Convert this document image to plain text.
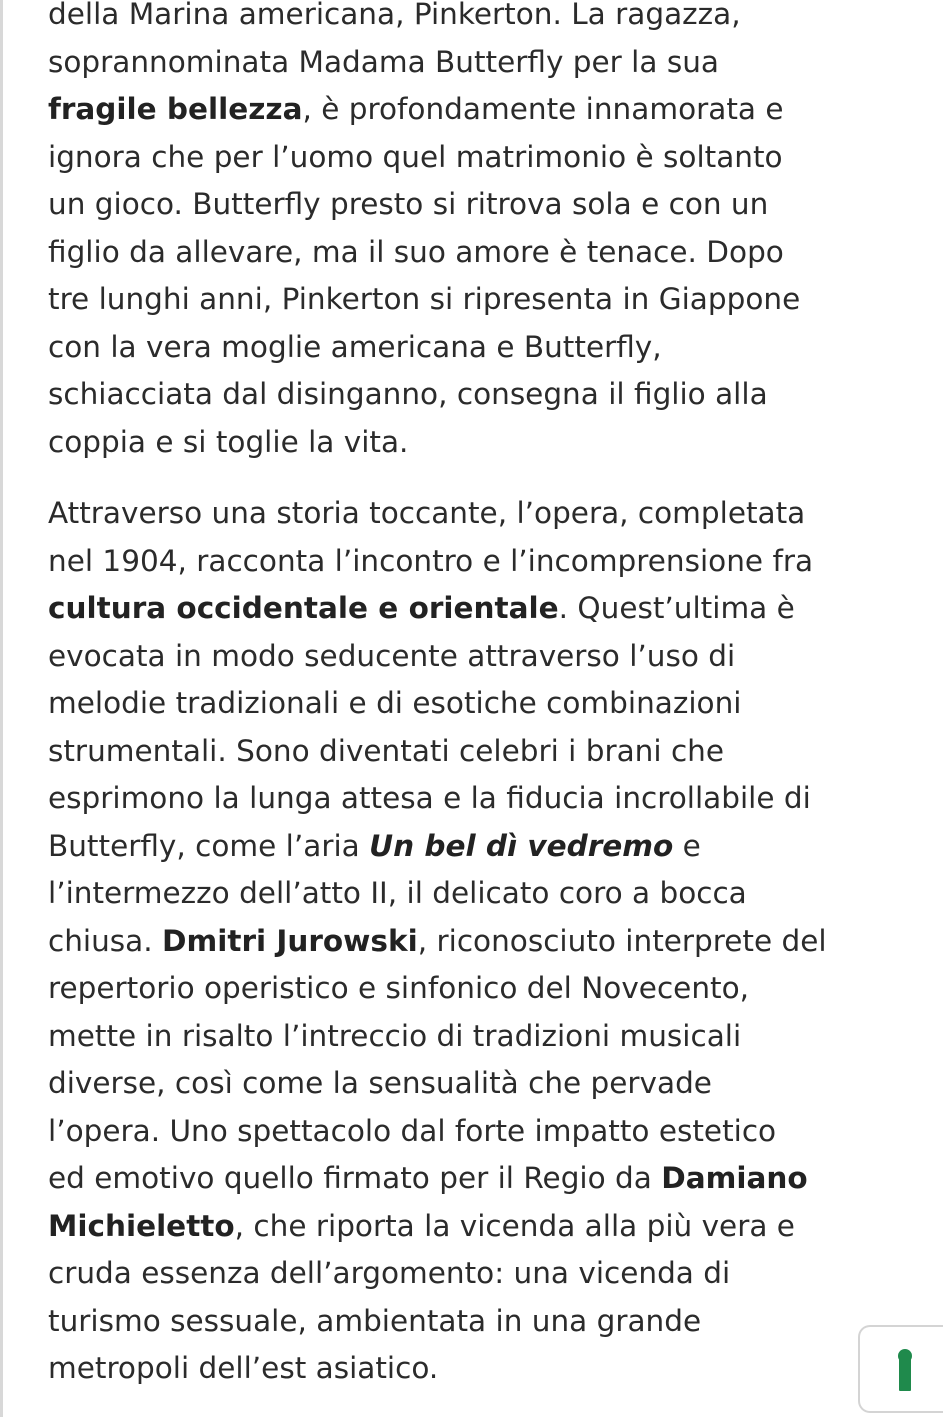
della Marina americana, Pinkerton. La ragazza,
soprannominata Madama Butterfly per la sua
fragile bellezza, è profondamente innamorata e
ignora che per l’uomo quel matrimonio è soltanto
un gioco. Butterfly presto si ritrova sola e con un
figlio da allevare, ma il suo amore è tenace. Dopo
tre lunghi anni, Pinkerton si ripresenta in Giappone
con la vera moglie americana e Butterfly,
schiacciata dal disinganno, consegna il figlio alla
coppia e si toglie la vita.

Attraverso una storia toccante, l’opera, completata
nel 1904, racconta l’incontro e l’incomprensione fra
cultura occidentale e orientale. Quest’ultima è
evocata in modo seducente attraverso l’uso di
melodie tradizionali e di esotiche combinazioni
strumentali. Sono diventati celebri i brani che
esprimono la lunga attesa e la fiducia incrollabile di
Butterfly, come l’aria Un bel dì vedremo e
l’intermezzo dell’atto II, il delicato coro a bocca
chiusa. Dmitri Jurowski, riconosciuto interprete del
repertorio operistico e sinfonico del Novecento,
mette in risalto l’intreccio di tradizioni musicali
diverse, così come la sensualità che pervade
l’opera. Uno spettacolo dal forte impatto estetico
ed emotivo quello firmato per il Regio da Damiano
Michieletto, che riporta la vicenda alla più vera e
cruda essenza dell’argomento: una vicenda di
turismo sessuale, ambientata in una grande
metropoli dell’est asiatico.
